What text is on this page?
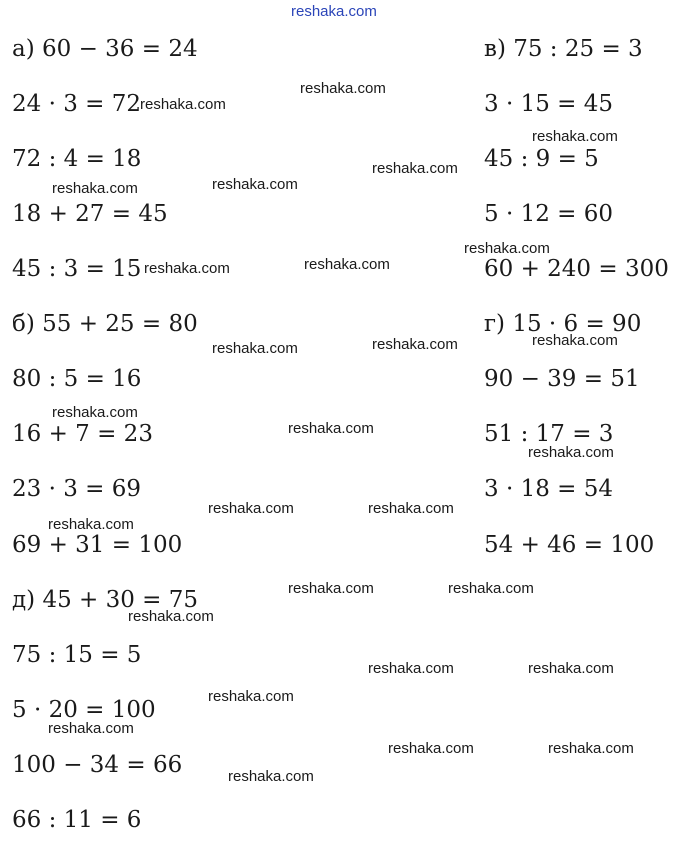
reshaka.com
а) 60 − 36 = 24
24 · 3 = 72
72 : 4 = 18
18 + 27 = 45
45 : 3 = 15
б) 55 + 25 = 80
80 : 5 = 16
16 + 7 = 23
23 · 3 = 69
69 + 31 = 100
в) 75 : 25 = 3
3 · 15 = 45
45 : 9 = 5
5 · 12 = 60
60 + 240 = 300
г) 15 · 6 = 90
90 − 39 = 51
51 : 17 = 3
3 · 18 = 54
54 + 46 = 100
д) 45 + 30 = 75
75 : 15 = 5
5 · 20 = 100
100 − 34 = 66
66 : 11 = 6
reshaka.com
reshaka.com
reshaka.com
reshaka.com
reshaka.com
reshaka.com
reshaka.com
reshaka.com
reshaka.com
reshaka.com
reshaka.com
reshaka.com
reshaka.com
reshaka.com
reshaka.com
reshaka.com	reshaka.com
reshaka.com
reshaka.com	reshaka.com
reshaka.com
reshaka.com	reshaka.com
reshaka.com
reshaka.com
reshaka.com	reshaka.com
reshaka.com
